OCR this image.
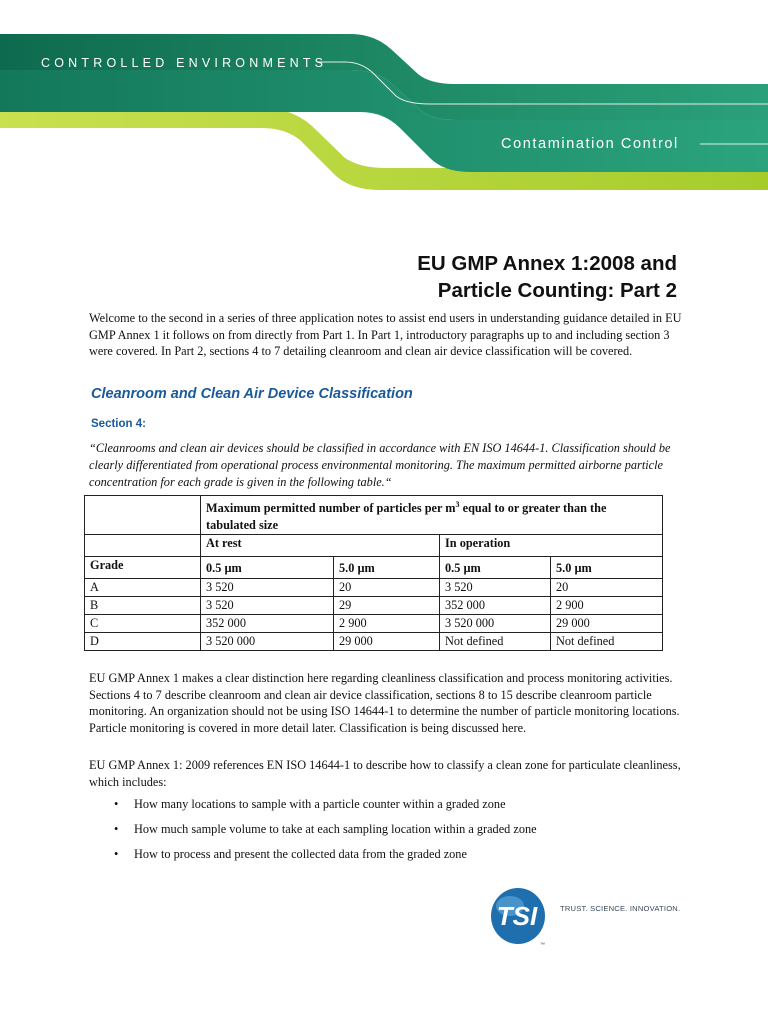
CONTROLLED ENVIRONMENTS
Contamination Control
EU GMP Annex 1:2008 and
Particle Counting: Part 2

Welcome to the second in a series of three application notes to assist end users in understanding guidance detailed in EU GMP Annex 1 it follows on from directly from Part 1. In Part 1, introductory paragraphs up to and including section 3 were covered. In Part 2, sections 4 to 7 detailing cleanroom and clean air device classification will be covered.

Cleanroom and Clean Air Device Classification
Section 4:
“Cleanrooms and clean air devices should be classified in accordance with EN ISO 14644-1. Classification should be clearly differentiated from operational process environmental monitoring. The maximum permitted airborne particle concentration for each grade is given in the following table.“
	Maximum permitted number of particles per $m^3$ equal to or greater than the tabulated size			
	At rest		In operation	
Grade	0.5 µm	5.0 µm	0.5 µm	5.0 µm
A	3 520	20	3 520	20
B	3 520	29	352 000	2 900
C	352 000	2 900	3 520 000	29 000
D	3 520 000	29 000	Not defined	Not defined

EU GMP Annex 1 makes a clear distinction here regarding cleanliness classification and process monitoring activities. Sections 4 to 7 describe cleanroom and clean air device classification, sections 8 to 15 describe cleanroom particle monitoring. An organization should not be using ISO 14644-1 to determine the number of particle monitoring locations. Particle monitoring is covered in more detail later. Classification is being discussed here.

EU GMP Annex 1: 2009 references EN ISO 14644-1 to describe how to classify a clean zone for particulate cleanliness, which includes:

• How many locations to sample with a particle counter within a graded zone
• How much sample volume to take at each sampling location within a graded zone
• How to process and present the collected data from the graded zone
TSI
™
TRUST. SCIENCE. INNOVATION.
